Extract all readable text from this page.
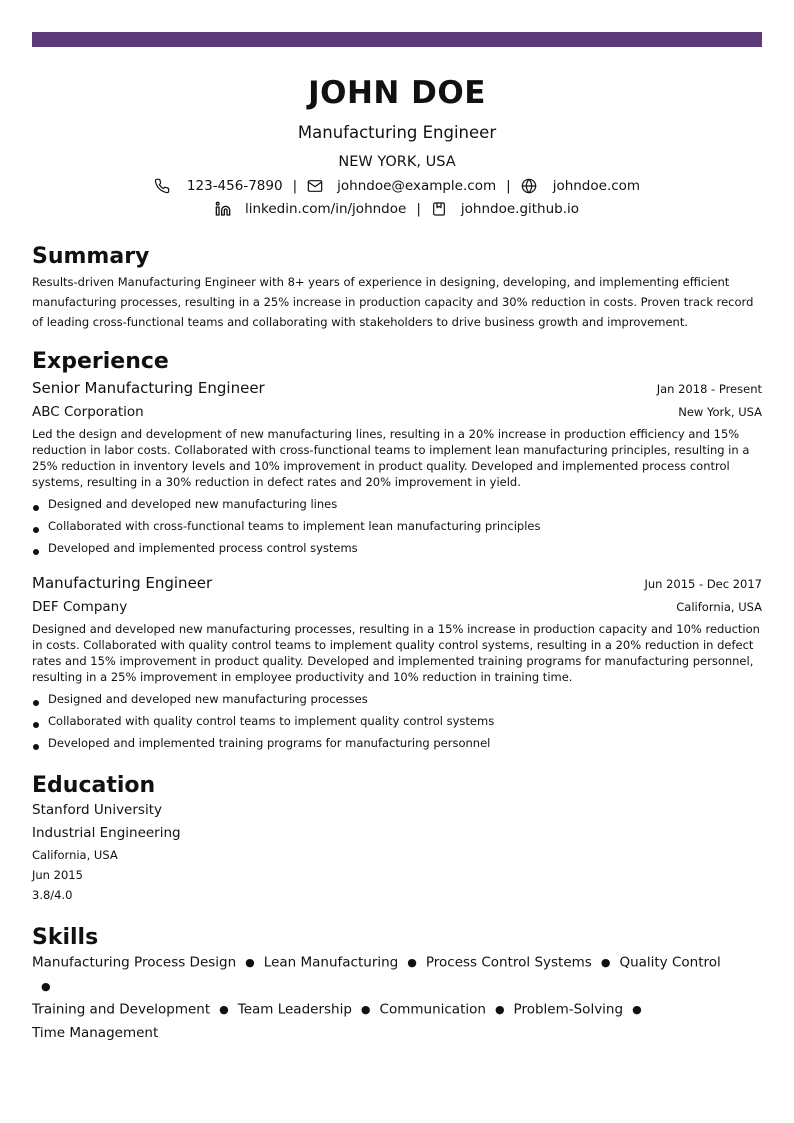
JOHN DOE
Manufacturing Engineer
NEW YORK, USA
123-456-7890 |	johndoe@example.com |	johndoe.com
linkedin.com/in/johndoe |	johndoe.github.io
Summary
Results-driven Manufacturing Engineer with 8+ years of experience in designing, developing, and implementing efficient manufacturing processes, resulting in a 25% increase in production capacity and 30% reduction in costs. Proven track record of leading cross-functional teams and collaborating with stakeholders to drive business growth and improvement.
Experience
Senior Manufacturing Engineer	Jan 2018 - Present
ABC Corporation	New York, USA
Led the design and development of new manufacturing lines, resulting in a 20% increase in production efficiency and 15% reduction in labor costs. Collaborated with cross-functional teams to implement lean manufacturing principles, resulting in a 25% reduction in inventory levels and 10% improvement in product quality. Developed and implemented process control systems, resulting in a 30% reduction in defect rates and 20% improvement in yield.
Designed and developed new manufacturing lines
Collaborated with cross-functional teams to implement lean manufacturing principles
Developed and implemented process control systems
Manufacturing Engineer	Jun 2015 - Dec 2017
DEF Company	California, USA
Designed and developed new manufacturing processes, resulting in a 15% increase in production capacity and 10% reduction in costs. Collaborated with quality control teams to implement quality control systems, resulting in a 20% reduction in defect rates and 15% improvement in product quality. Developed and implemented training programs for manufacturing personnel, resulting in a 25% improvement in employee productivity and 10% reduction in training time.
Designed and developed new manufacturing processes
Collaborated with quality control teams to implement quality control systems
Developed and implemented training programs for manufacturing personnel
Education
Stanford University
Industrial Engineering
California, USA
Jun 2015
3.8/4.0
Skills
Manufacturing Process Design ● Lean Manufacturing ● Process Control Systems ● Quality Control●
Training and Development ● Team Leadership ● Communication ● Problem-Solving ●Time Management
